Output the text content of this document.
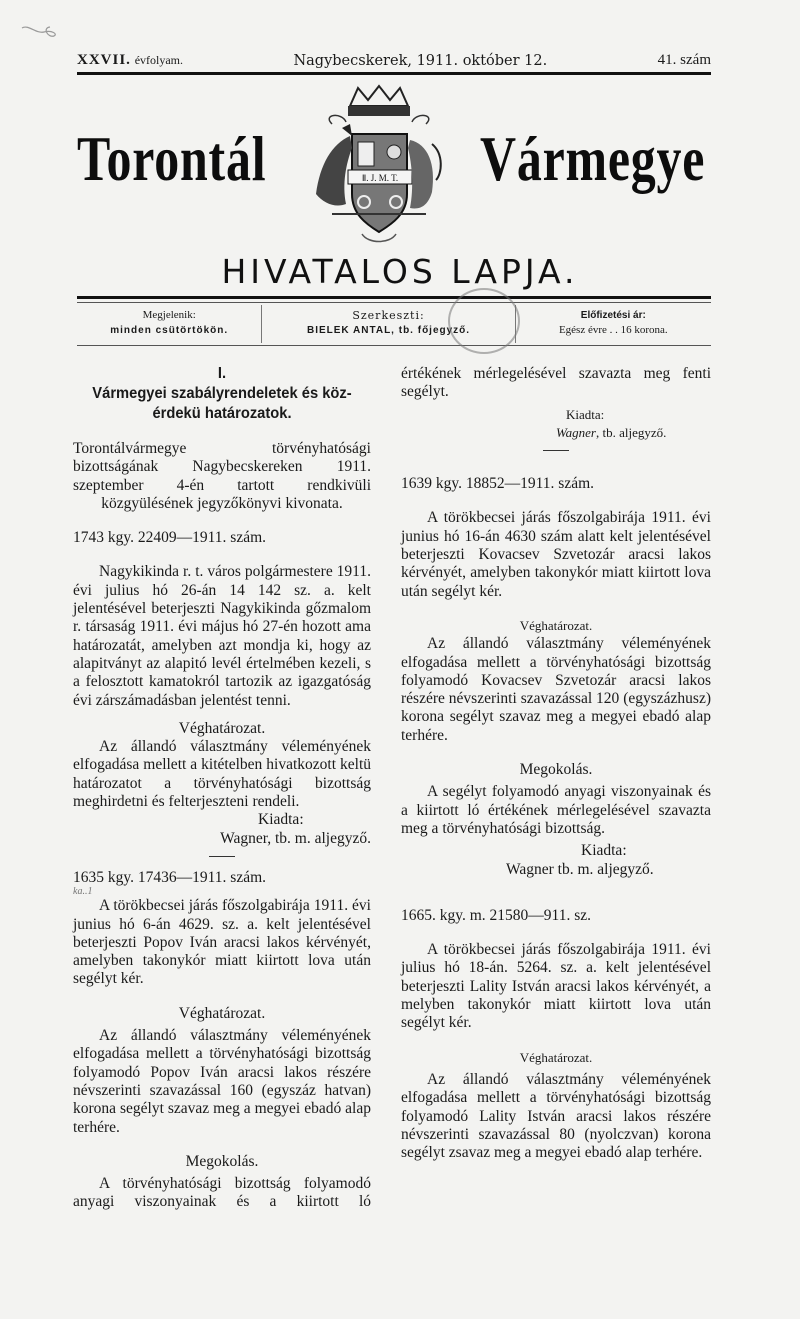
XXVII. évfolyam.	Nagybecskerek, 1911. október 12.	41. szám
Torontál	Ⅱ. J. M. T. Vármegye
HIVATALOS LAPJA.
Megjelenik:
minden csütörtökön.
Szerkeszti:
BIELEK ANTAL, tb. főjegyző.
Előfizetési ár:
Egész évre . . 16 korona.
I.
Vármegyei szabályrendeletek és köz-érdekü határozatok.

Torontálvármegye törvényhatósági bizottságának Nagybecskereken 1911. szeptember 4-én tartott rendkivüli közgyülésének jegyzőkönyvi kivonata.

1743 kgy. 22409—1911. szám.

Nagykikinda r. t. város polgármestere 1911. évi julius hó 26-án 14 142 sz. a. kelt jelentésével beterjeszti Nagykikinda gőzmalom r. társaság 1911. évi május hó 27-én hozott ama határozatát, amelyben azt mondja ki, hogy az alapitványt az alapitó levél értelmében kezeli, s a felosztott kamatokról tartozik az igazgatóság évi zárszámadásban jelentést tenni.

Véghatározat.

Az állandó választmány véleményének elfogadása mellett a kitételben hivatkozott keltü határozatot a törvényhatósági bizottság meghirdetni és felterjeszteni rendeli.

Kiadta:

Wagner, tb. m. aljegyző.

1635 kgy. 17436—1911. szám.

ka..1

A törökbecsei járás főszolgabirája 1911. évi junius hó 6-án 4629. sz. a. kelt jelentésével beterjeszti Popov Iván aracsi lakos kérvényét, amelyben takonykór miatt kiirtott lova után segélyt kér.

Véghatározat.

Az állandó választmány véleményének elfogadása mellett a törvényhatósági bizottság folyamodó Popov Iván aracsi lakos részére névszerinti szavazással 160 (egyszáz hatvan) korona segélyt szavaz meg a megyei ebadó alap terhére.

Megokolás.

A törvényhatósági bizottság folyamodó anyagi viszonyainak és a kiirtott ló

értékének mérlegelésével szavazta meg fenti segélyt.

Kiadta:

Wagner, tb. aljegyző.

1639 kgy. 18852—1911. szám.

A törökbecsei járás főszolgabirája 1911. évi junius hó 16-án 4630 szám alatt kelt jelentésével beterjeszti Kovacsev Szvetozár aracsi lakos kérvényét, amelyben takonykór miatt kiirtott lova után segélyt kér.

Véghatározat.

Az állandó választmány véleményének elfogadása mellett a törvényhatósági bizottság folyamodó Kovacsev Szvetozár aracsi lakos részére névszerinti szavazással 120 (egyszázhusz) korona segélyt szavaz meg a megyei ebadó alap terhére.

Megokolás.

A segélyt folyamodó anyagi viszonyainak és a kiirtott ló értékének mérlegelésével szavazta meg a törvényhatósági bizottság.

Kiadta:

Wagner tb. m. aljegyző.

1665. kgy. m. 21580—911. sz.

A törökbecsei járás főszolgabirája 1911. évi julius hó 18-án. 5264. sz. a. kelt jelentésével beterjeszti Lality István aracsi lakos kérvényét, a melyben takonykór miatt kiirtott lova után segélyt kér.

Véghatározat.

Az állandó választmány véleményének elfogadása mellett a törvényhatósági bizottság folyamodó Lality István aracsi lakos részére névszerinti szavazással 80 (nyolczvan) korona segélyt zsavaz meg a megyei ebadó alap terhére.
